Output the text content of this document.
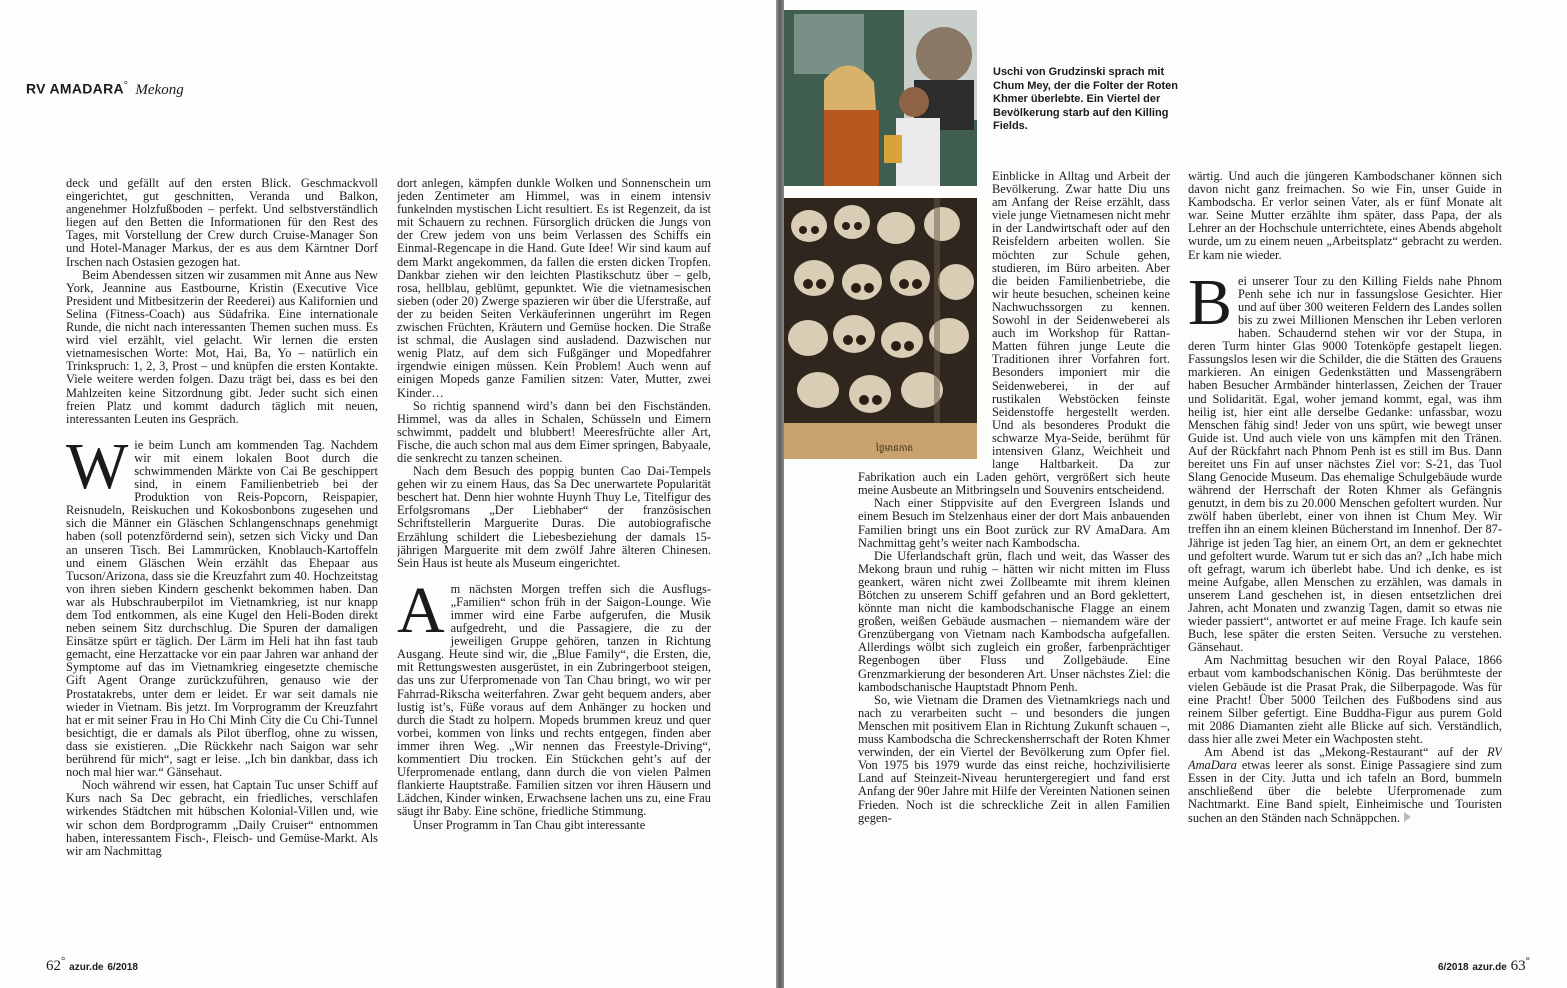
RV AMADARA° Mekong

deck und gefällt auf den ersten Blick. Geschmackvoll eingerichtet, gut geschnitten, Veranda und Balkon, angenehmer Holzfußboden – perfekt. Und selbstverständlich liegen auf den Betten die Informationen für den Rest des Tages, mit Vorstellung der Crew durch Cruise-Manager Son und Hotel-Manager Markus, der es aus dem Kärntner Dorf Irschen nach Ostasien gezogen hat.

Beim Abendessen sitzen wir zusammen mit Anne aus New York, Jeannine aus Eastbourne, Kristin (Executive Vice President und Mitbesitzerin der Reederei) aus Kalifornien und Selina (Fitness-Coach) aus Südafrika. Eine internationale Runde, die nicht nach interessanten Themen suchen muss. Es wird viel erzählt, viel gelacht. Wir lernen die ersten vietnamesischen Worte: Mot, Hai, Ba, Yo – natürlich ein Trinkspruch: 1, 2, 3, Prost – und knüpfen die ersten Kontakte. Viele weitere werden folgen. Dazu trägt bei, dass es bei den Mahlzeiten keine Sitzordnung gibt. Jeder sucht sich einen freien Platz und kommt dadurch täglich mit neuen, interessanten Leuten ins Gespräch.

Wie beim Lunch am kommenden Tag. Nachdem wir mit einem lokalen Boot durch die schwimmenden Märkte von Cai Be geschippert sind, in einem Familienbetrieb bei der Produktion von Reis-Popcorn, Reispapier, Reisnudeln, Reiskuchen und Kokosbonbons zugesehen und sich die Männer ein Gläschen Schlangenschnaps genehmigt haben (soll potenzfördernd sein), setzen sich Vicky und Dan an unseren Tisch. Bei Lammrücken, Knoblauch-Kartoffeln und einem Gläschen Wein erzählt das Ehepaar aus Tucson/Arizona, dass sie die Kreuzfahrt zum 40. Hochzeitstag von ihren sieben Kindern geschenkt bekommen haben. Dan war als Hubschrauberpilot im Vietnamkrieg, ist nur knapp dem Tod entkommen, als eine Kugel den Heli-Boden direkt neben seinem Sitz durchschlug. Die Spuren der damaligen Einsätze spürt er täglich. Der Lärm im Heli hat ihn fast taub gemacht, eine Herzattacke vor ein paar Jahren war anhand der Symptome auf das im Vietnamkrieg eingesetzte chemische Gift Agent Orange zurückzuführen, genauso wie der Prostatakrebs, unter dem er leidet. Er war seit damals nie wieder in Vietnam. Bis jetzt. Im Vorprogramm der Kreuzfahrt hat er mit seiner Frau in Ho Chi Minh City die Cu Chi-Tunnel besichtigt, die er damals als Pilot überflog, ohne zu wissen, dass sie existieren. „Die Rückkehr nach Saigon war sehr berührend für mich“, sagt er leise. „Ich bin dankbar, dass ich noch mal hier war.“ Gänsehaut.

Noch während wir essen, hat Captain Tuc unser Schiff auf Kurs nach Sa Dec gebracht, ein friedliches, verschlafen wirkendes Städtchen mit hübschen Kolonial-Villen und, wie wir schon dem Bordprogramm „Daily Cruiser“ entnommen haben, interessantem Fisch-, Fleisch- und Gemüse-Markt. Als wir am Nachmittag

dort anlegen, kämpfen dunkle Wolken und Sonnenschein um jeden Zentimeter am Himmel, was in einem intensiv funkelnden mystischen Licht resultiert. Es ist Regenzeit, da ist mit Schauern zu rechnen. Fürsorglich drücken die Jungs von der Crew jedem von uns beim Verlassen des Schiffs ein Einmal-Regencape in die Hand. Gute Idee! Wir sind kaum auf dem Markt angekommen, da fallen die ersten dicken Tropfen. Dankbar ziehen wir den leichten Plastikschutz über – gelb, rosa, hellblau, geblümt, gepunktet. Wie die vietnamesischen sieben (oder 20) Zwerge spazieren wir über die Uferstraße, auf der zu beiden Seiten Verkäuferinnen ungerührt im Regen zwischen Früchten, Kräutern und Gemüse hocken. Die Straße ist schmal, die Auslagen sind ausladend. Dazwischen nur wenig Platz, auf dem sich Fußgänger und Mopedfahrer irgendwie einigen müssen. Kein Problem! Auch wenn auf einigen Mopeds ganze Familien sitzen: Vater, Mutter, zwei Kinder…

So richtig spannend wird’s dann bei den Fischständen. Himmel, was da alles in Schalen, Schüsseln und Eimern schwimmt, paddelt und blubbert! Meeresfrüchte aller Art, Fische, die auch schon mal aus dem Eimer springen, Babyaale, die senkrecht zu tanzen scheinen.

Nach dem Besuch des poppig bunten Cao Dai-Tempels gehen wir zu einem Haus, das Sa Dec unerwartete Popularität beschert hat. Denn hier wohnte Huynh Thuy Le, Titelfigur des Erfolgsromans „Der Liebhaber“ der französischen Schriftstellerin Marguerite Duras. Die autobiografische Erzählung schildert die Liebesbeziehung der damals 15-jährigen Marguerite mit dem zwölf Jahre älteren Chinesen. Sein Haus ist heute als Museum eingerichtet.

Am nächsten Morgen treffen sich die Ausflugs-„Familien“ schon früh in der Saigon-Lounge. Wie immer wird eine Farbe aufgerufen, die Musik aufgedreht, und die Passagiere, die zu der jeweiligen Gruppe gehören, tanzen in Richtung Ausgang. Heute sind wir, die „Blue Family“, die Ersten, die, mit Rettungswesten ausgerüstet, in ein Zubringerboot steigen, das uns zur Uferpromenade von Tan Chau bringt, wo wir per Fahrrad-Rikscha weiterfahren. Zwar geht bequem anders, aber lustig ist’s, Füße voraus auf dem Anhänger zu hocken und durch die Stadt zu holpern. Mopeds brummen kreuz und quer vorbei, kommen von links und rechts entgegen, finden aber immer ihren Weg. „Wir nennen das Freestyle-Driving“, kommentiert Diu trocken. Ein Stückchen geht’s auf der Uferpromenade entlang, dann durch die von vielen Palmen flankierte Hauptstraße. Familien sitzen vor ihren Häusern und Lädchen, Kinder winken, Erwachsene lachen uns zu, eine Frau säugt ihr Baby. Eine schöne, friedliche Stimmung.

Unser Programm in Tan Chau gibt interessante

62° azur.de 6/2018
ថ្ងៃមានកាត
Uschi von Grudzinski sprach mit Chum Mey, der die Folter der Roten Khmer überlebte. Ein Viertel der Bevölkerung starb auf den Killing Fields.

Einblicke in Alltag und Arbeit der Bevölkerung. Zwar hatte Diu uns am Anfang der Reise erzählt, dass viele junge Vietnamesen nicht mehr in der Landwirtschaft oder auf den Reisfeldern arbeiten wollen. Sie möchten zur Schule gehen, studieren, im Büro arbeiten. Aber die beiden Familienbetriebe, die wir heute besuchen, scheinen keine Nachwuchssorgen zu kennen. Sowohl in der Seidenweberei als auch im Workshop für Rattan-Matten führen junge Leute die Traditionen ihrer Vorfahren fort. Besonders imponiert mir die Seidenweberei, in der auf rustikalen Webstöcken feinste Seidenstoffe hergestellt werden. Und als besonderes Produkt die schwarze Mya-Seide, berühmt für intensiven Glanz, Weichheit und lange Haltbarkeit. Da zur Fabrikation auch ein Laden gehört, vergrößert sich heute meine Ausbeute an Mitbringseln und Souvenirs entscheidend.

Nach einer Stippvisite auf den Evergreen Islands und einem Besuch im Stelzenhaus einer der dort Mais anbauenden Familien bringt uns ein Boot zurück zur RV AmaDara. Am Nachmittag geht’s weiter nach Kambodscha.

Die Uferlandschaft grün, flach und weit, das Wasser des Mekong braun und ruhig – hätten wir nicht mitten im Fluss geankert, wären nicht zwei Zollbeamte mit ihrem kleinen Bötchen zu unserem Schiff gefahren und an Bord geklettert, könnte man nicht die kambodschanische Flagge an einem großen, weißen Gebäude ausmachen – niemandem wäre der Grenzübergang von Vietnam nach Kambodscha aufgefallen. Allerdings wölbt sich zugleich ein großer, farbenprächtiger Regenbogen über Fluss und Zollgebäude. Eine Grenzmarkierung der besonderen Art. Unser nächstes Ziel: die kambodschanische Hauptstadt Phnom Penh.

So, wie Vietnam die Dramen des Vietnamkriegs nach und nach zu verarbeiten sucht – und besonders die jungen Menschen mit positivem Elan in Richtung Zukunft schauen –, muss Kambodscha die Schreckensherrschaft der Roten Khmer verwinden, der ein Viertel der Bevölkerung zum Opfer fiel. Von 1975 bis 1979 wurde das einst reiche, hochzivilisierte Land auf Steinzeit-Niveau heruntergeregiert und fand erst Anfang der 90er Jahre mit Hilfe der Vereinten Nationen seinen Frieden. Noch ist die schreckliche Zeit in allen Familien gegen-

wärtig. Und auch die jüngeren Kambodschaner können sich davon nicht ganz freimachen. So wie Fin, unser Guide in Kambodscha. Er verlor seinen Vater, als er fünf Monate alt war. Seine Mutter erzählte ihm später, dass Papa, der als Lehrer an der Hochschule unterrichtete, eines Abends abgeholt wurde, um zu einem neuen „Arbeitsplatz“ gebracht zu werden. Er kam nie wieder.

Bei unserer Tour zu den Killing Fields nahe Phnom Penh sehe ich nur in fassungslose Gesichter. Hier und auf über 300 weiteren Feldern des Landes sollen bis zu zwei Millionen Menschen ihr Leben verloren haben. Schaudernd stehen wir vor der Stupa, in deren Turm hinter Glas 9000 Totenköpfe gestapelt liegen. Fassungslos lesen wir die Schilder, die die Stätten des Grauens markieren. An einigen Gedenkstätten und Massengräbern haben Besucher Armbänder hinterlassen, Zeichen der Trauer und Solidarität. Egal, woher jemand kommt, egal, was ihm heilig ist, hier eint alle derselbe Gedanke: unfassbar, wozu Menschen fähig sind! Jeder von uns spürt, wie bewegt unser Guide ist. Und auch viele von uns kämpfen mit den Tränen. Auf der Rückfahrt nach Phnom Penh ist es still im Bus. Dann bereitet uns Fin auf unser nächstes Ziel vor: S-21, das Tuol Slang Genocide Museum. Das ehemalige Schulgebäude wurde während der Herrschaft der Roten Khmer als Gefängnis genutzt, in dem bis zu 20.000 Menschen gefoltert wurden. Nur zwölf haben überlebt, einer von ihnen ist Chum Mey. Wir treffen ihn an einem kleinen Bücherstand im Innenhof. Der 87-Jährige ist jeden Tag hier, an einem Ort, an dem er geknechtet und gefoltert wurde. Warum tut er sich das an? „Ich habe mich oft gefragt, warum ich überlebt habe. Und ich denke, es ist meine Aufgabe, allen Menschen zu erzählen, was damals in unserem Land geschehen ist, in diesen entsetzlichen drei Jahren, acht Monaten und zwanzig Tagen, damit so etwas nie wieder passiert“, antwortet er auf meine Frage. Ich kaufe sein Buch, lese später die ersten Seiten. Versuche zu verstehen. Gänsehaut.

Am Nachmittag besuchen wir den Royal Palace, 1866 erbaut vom kambodschanischen König. Das berühmteste der vielen Gebäude ist die Prasat Prak, die Silberpagode. Was für eine Pracht! Über 5000 Teilchen des Fußbodens sind aus reinem Silber gefertigt. Eine Buddha-Figur aus purem Gold mit 2086 Diamanten zieht alle Blicke auf sich. Verständlich, dass hier alle zwei Meter ein Wachposten steht.

Am Abend ist das „Mekong-Restaurant“ auf der RV AmaDara etwas leerer als sonst. Einige Passagiere sind zum Essen in der City. Jutta und ich tafeln an Bord, bummeln anschließend über die belebte Uferpromenade zum Nachtmarkt. Eine Band spielt, Einheimische und Touristen suchen an den Ständen nach Schnäppchen.

6/2018 azur.de 63°
